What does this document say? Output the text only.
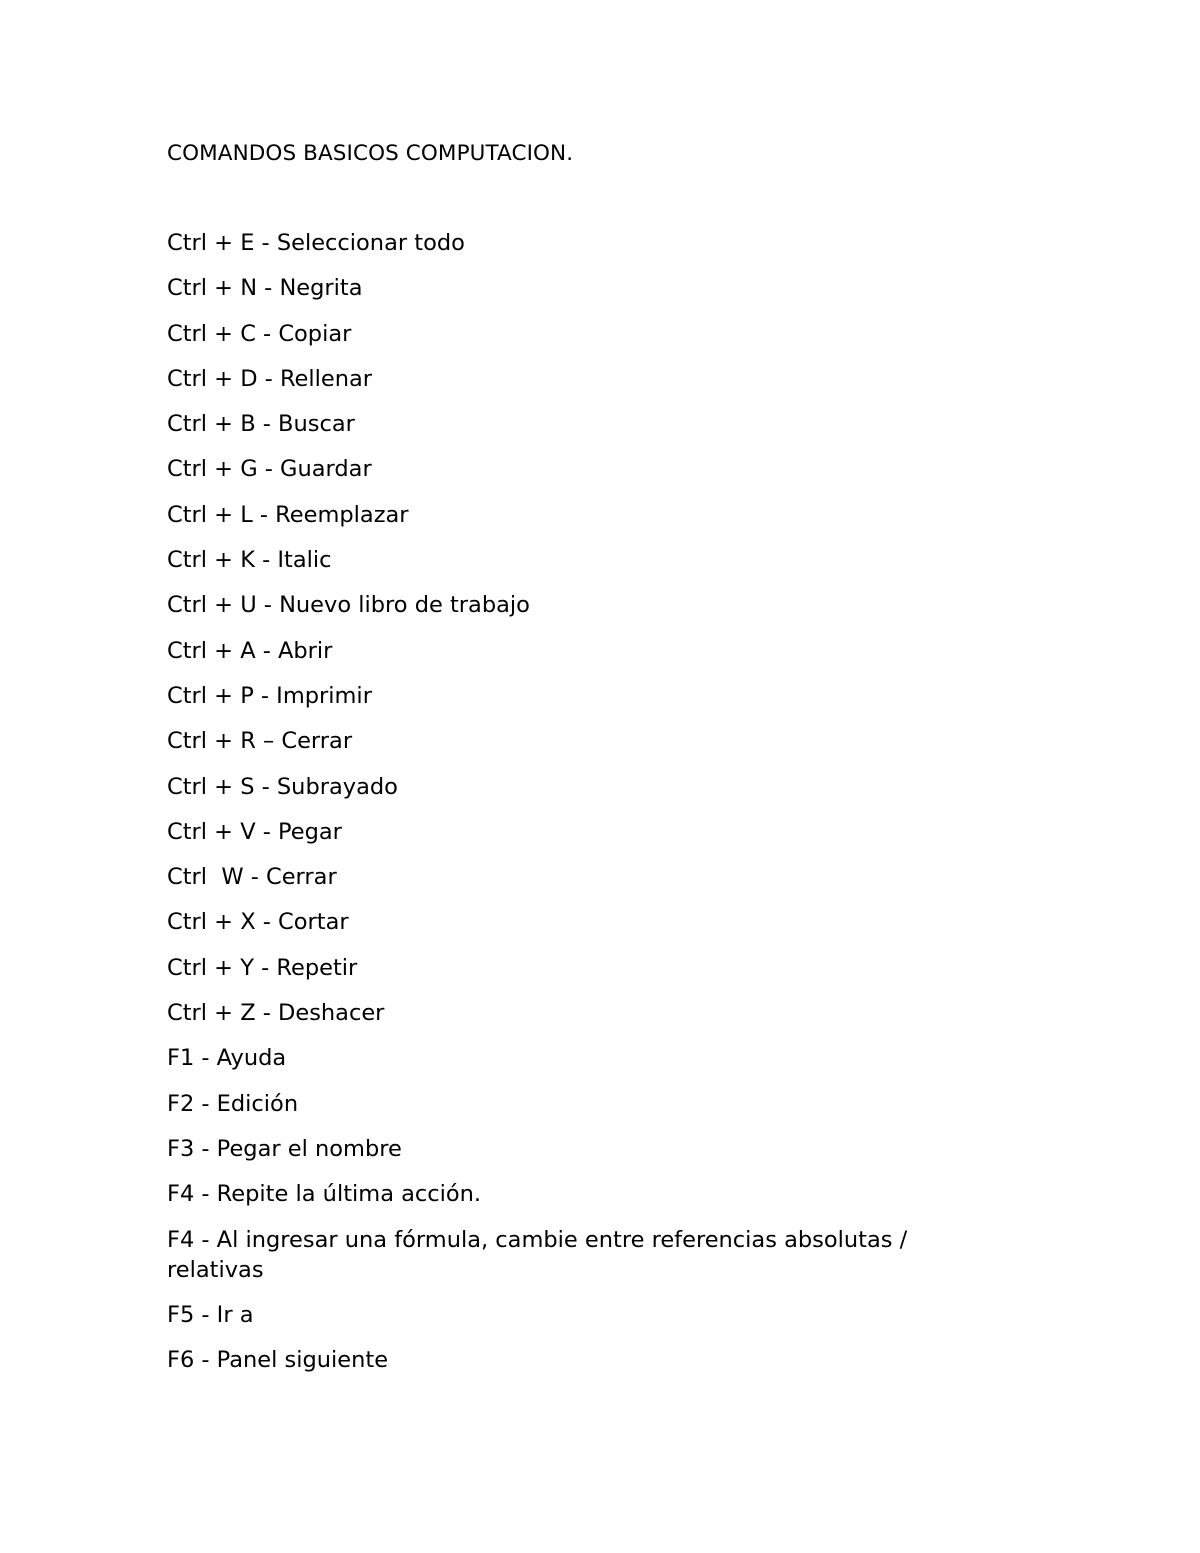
COMANDOS BASICOS COMPUTACION.
Ctrl + E - Seleccionar todo
Ctrl + N - Negrita
Ctrl + C - Copiar
Ctrl + D - Rellenar
Ctrl + B - Buscar
Ctrl + G - Guardar
Ctrl + L - Reemplazar
Ctrl + K - Italic
Ctrl + U - Nuevo libro de trabajo
Ctrl + A - Abrir
Ctrl + P - Imprimir
Ctrl + R – Cerrar
Ctrl + S - Subrayado
Ctrl + V - Pegar
Ctrl  W - Cerrar
Ctrl + X - Cortar
Ctrl + Y - Repetir
Ctrl + Z - Deshacer
F1 - Ayuda
F2 - Edición
F3 - Pegar el nombre
F4 - Repite la última acción.
F4 - Al ingresar una fórmula, cambie entre referencias absolutas / relativas
F5 - Ir a
F6 - Panel siguiente
